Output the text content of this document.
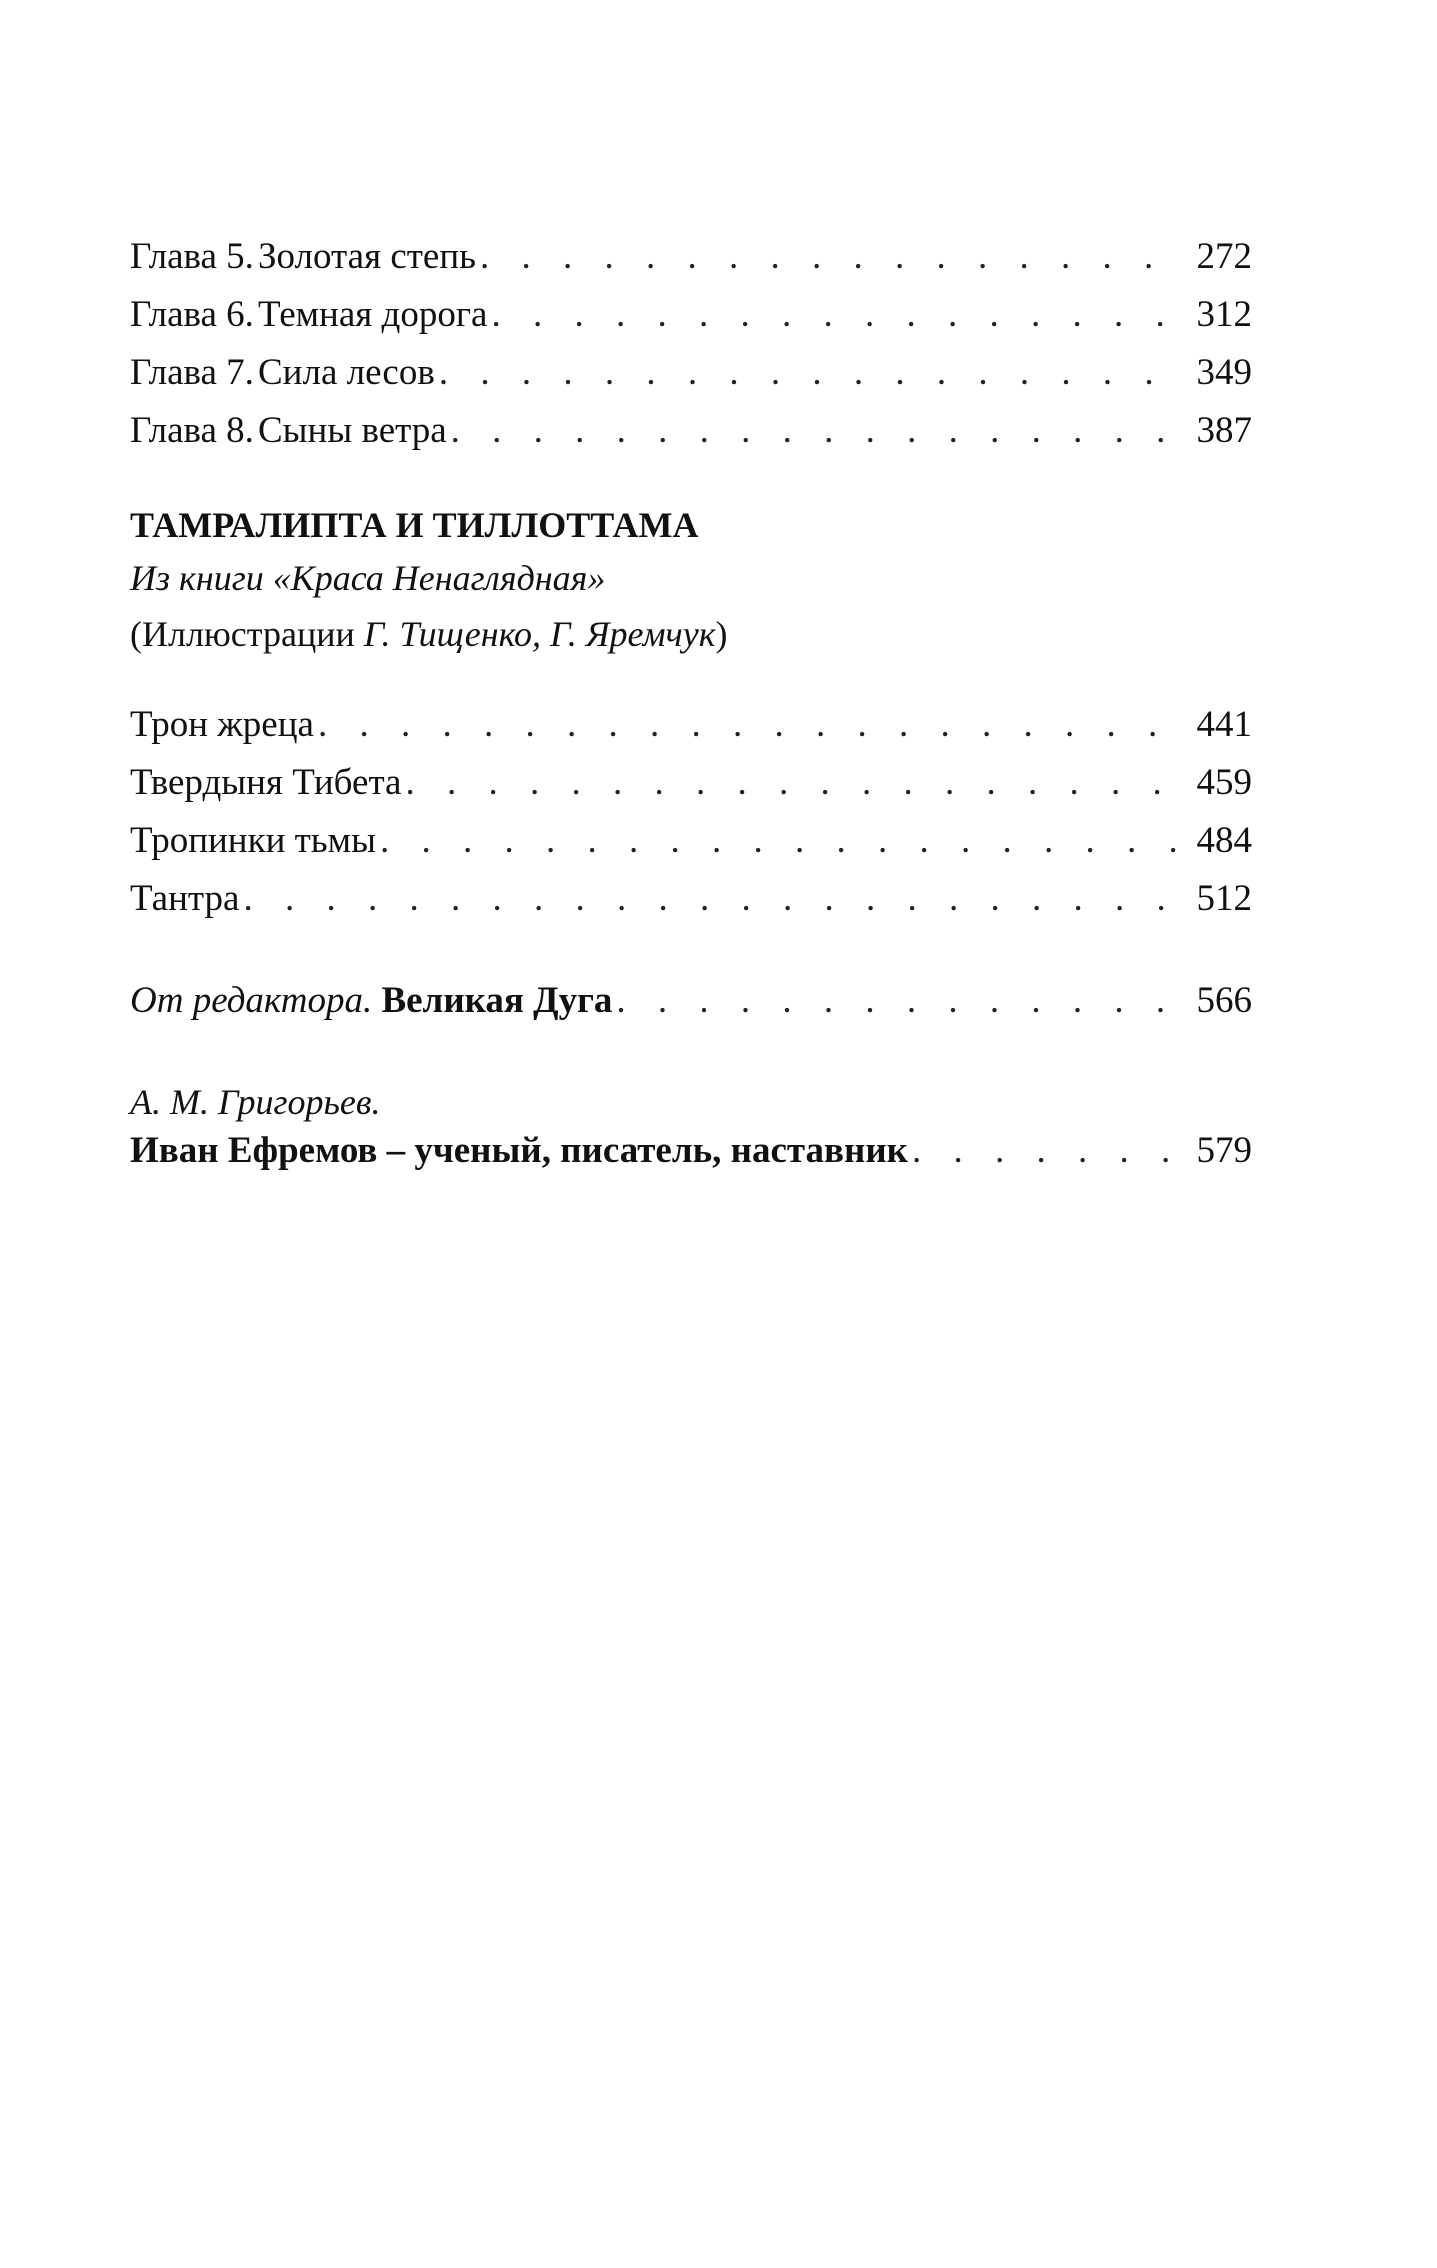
Глава 5. Золотая степь . . .	272
Глава 6. Темная дорога . . .	312
Глава 7. Сила лесов . . .	349
Глава 8. Сыны ветра . . .	387
ТАМРАЛИПТА И ТИЛЛОТТАМА
Из книги «Краса Ненаглядная»
(Иллюстрации Г. Тищенко, Г. Яремчук)
Трон жреца . . .	441
Твердыня Тибета . . .	459
Тропинки тьмы . . .	484
Тантра . . .	512
От редактора. Великая Дуга . . .	566
А. М. Григорьев.
Иван Ефремов – ученый, писатель, наставник . . .	579
